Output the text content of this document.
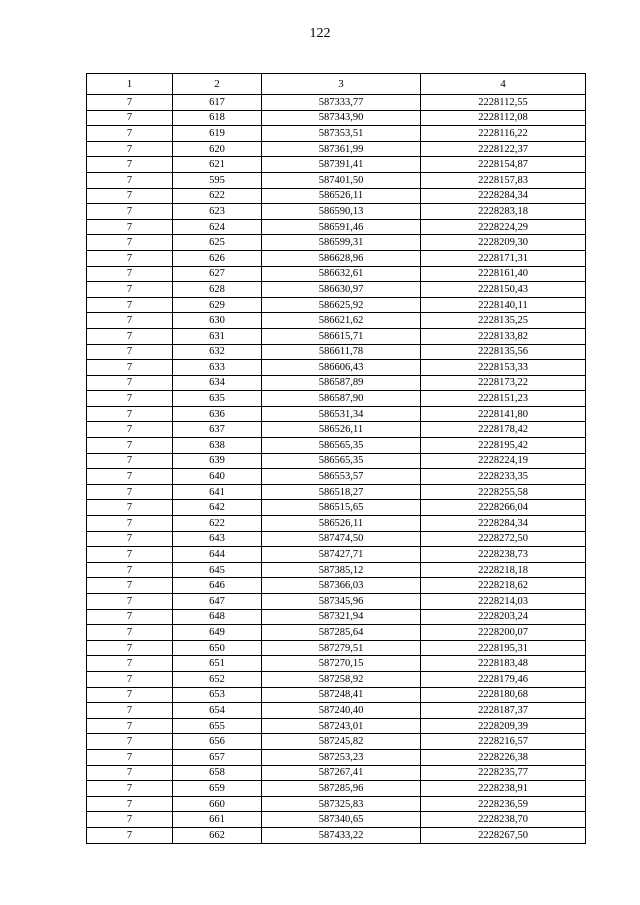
122
1	2	3	4
7	617	587333,77	2228112,55
7	618	587343,90	2228112,08
7	619	587353,51	2228116,22
7	620	587361,99	2228122,37
7	621	587391,41	2228154,87
7	595	587401,50	2228157,83
7	622	586526,11	2228284,34
7	623	586590,13	2228283,18
7	624	586591,46	2228224,29
7	625	586599,31	2228209,30
7	626	586628,96	2228171,31
7	627	586632,61	2228161,40
7	628	586630,97	2228150,43
7	629	586625,92	2228140,11
7	630	586621,62	2228135,25
7	631	586615,71	2228133,82
7	632	586611,78	2228135,56
7	633	586606,43	2228153,33
7	634	586587,89	2228173,22
7	635	586587,90	2228151,23
7	636	586531,34	2228141,80
7	637	586526,11	2228178,42
7	638	586565,35	2228195,42
7	639	586565,35	2228224,19
7	640	586553,57	2228233,35
7	641	586518,27	2228255,58
7	642	586515,65	2228266,04
7	622	586526,11	2228284,34
7	643	587474,50	2228272,50
7	644	587427,71	2228238,73
7	645	587385,12	2228218,18
7	646	587366,03	2228218,62
7	647	587345,96	2228214,03
7	648	587321,94	2228203,24
7	649	587285,64	2228200,07
7	650	587279,51	2228195,31
7	651	587270,15	2228183,48
7	652	587258,92	2228179,46
7	653	587248,41	2228180,68
7	654	587240,40	2228187,37
7	655	587243,01	2228209,39
7	656	587245,82	2228216,57
7	657	587253,23	2228226,38
7	658	587267,41	2228235,77
7	659	587285,96	2228238,91
7	660	587325,83	2228236,59
7	661	587340,65	2228238,70
7	662	587433,22	2228267,50
